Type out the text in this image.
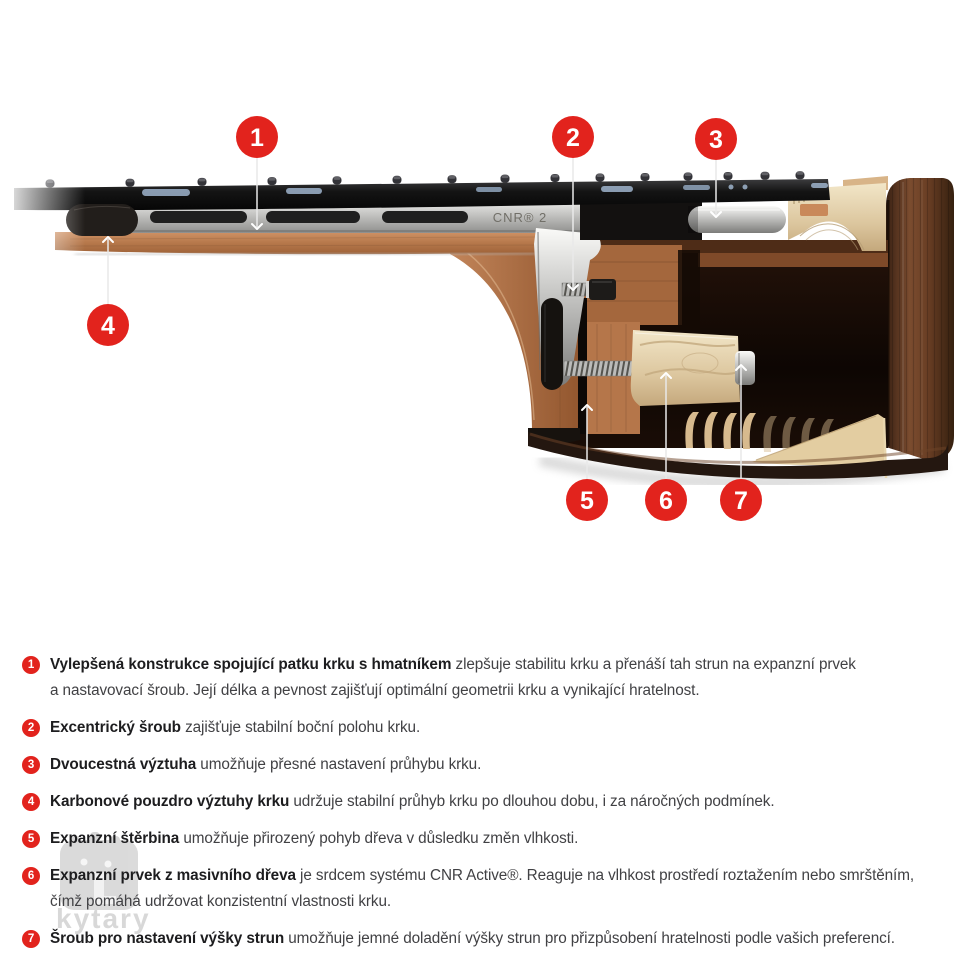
CNR® 2
1	2	3
4
5	6 7
kytary

1	Vylepšená konstrukce spojující patku krku s hmatníkem zlepšuje stabilitu krku a přenáší tah strun na expanzní prvek
a nastavovací šroub. Její délka a pevnost zajišťují optimální geometrii krku a vynikající hratelnost.

2	Excentrický šroub zajišťuje stabilní boční polohu krku.

3	Dvoucestná výztuha umožňuje přesné nastavení průhybu krku.

4	Karbonové pouzdro výztuhy krku udržuje stabilní průhyb krku po dlouhou dobu, i za náročných podmínek.

5	Expanzní štěrbina umožňuje přirozený pohyb dřeva v důsledku změn vlhkosti.

6	Expanzní prvek z masivního dřeva je srdcem systému CNR Active®. Reaguje na vlhkost prostředí roztažením nebo smrštěním,
čímž pomáhá udržovat konzistentní vlastnosti krku.

7	Šroub pro nastavení výšky strun umožňuje jemné doladění výšky strun pro přizpůsobení hratelnosti podle vašich preferencí.
